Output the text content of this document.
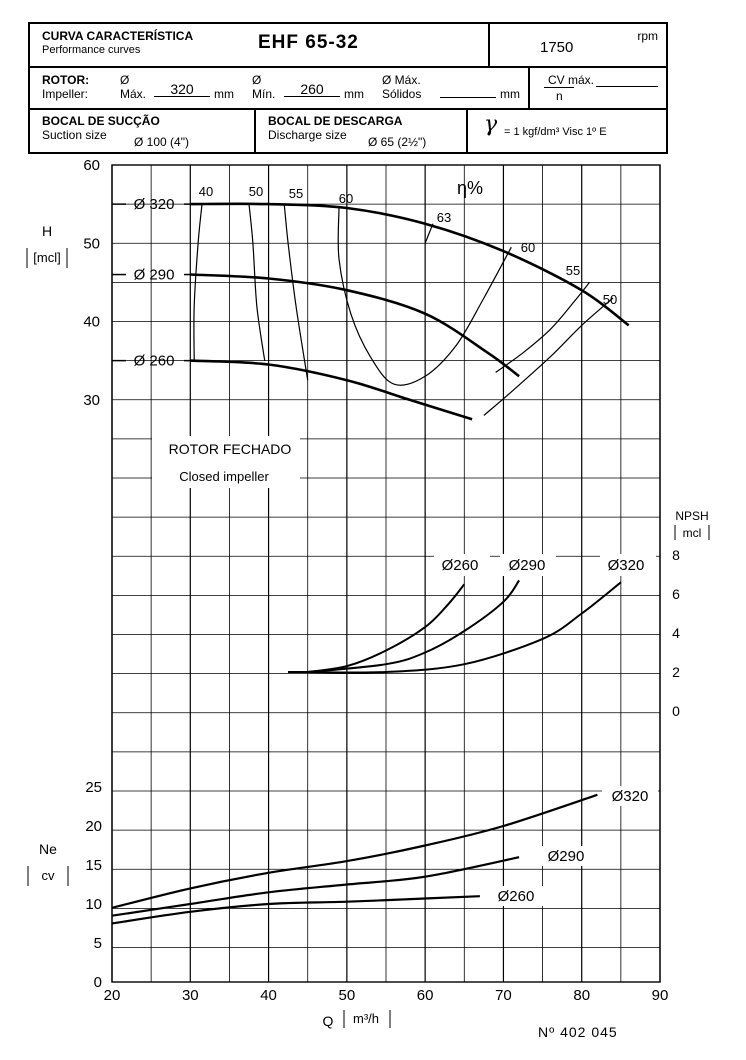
CURVA CARACTERÍSTICA
Performance curves	EHF 65-32	1750
rpm
ROTOR:
Impeller:
Ø
Máx.	320	mm
Ø
Mín.	260	mm
Ø Máx.
Sólidos	mm
CV máx.
n
BOCAL DE SUCÇÃO
Suction size Ø 100 (4")
BOCAL DE DESCARGA
Discharge size Ø 65 (2½")
γ = 1 kgf/dm³ Visc 1º E
30
40
50
60
H
[mcl]
Ø 320
Ø 290
Ø 260
40	50 55	60
63
60
55
50
η%
ROTOR FECHADO
Closed impeller
0
2
4
6
8
NPSH
mcl
Ø260 Ø290	Ø320
0
5
10
15
20
25
Ne
cv
Ø320
Ø290
Ø260
20	30	40	50	60	70	80	90
Q m³/h
Nº 402 045
